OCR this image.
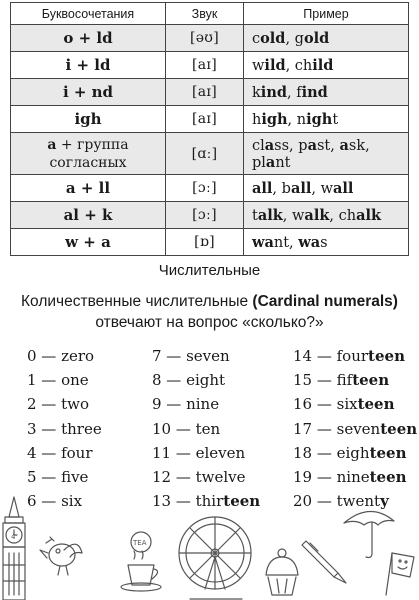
Буквосочетания	Звук	Пример
o + ld	[əʊ]	cold, gold
i + ld	[aɪ]	wild, child
i + nd	[aɪ]	kind, find
igh	[aɪ]	high, night
a + группа согласных	[ɑː]	class, past, ask, plant
a + ll	[ɔː]	all, ball, wall
al + k	[ɔː]	talk, walk, chalk
w + a	[ɒ]	want, was
Числительные
Количественные числительные (Cardinal numerals)
отвечают на вопрос «сколько?»
0 — zero
1 — one
2 — two
3 — three
4 — four
5 — five
6 — six
7 — seven
8 — eight
9 — nine
10 — ten
11 — eleven
12 — twelve
13 — thirteen
14 — fourteen
15 — fifteen
16 — sixteen
17 — seventeen
18 — eighteen
19 — nineteen
20 — twenty
4
TEA
